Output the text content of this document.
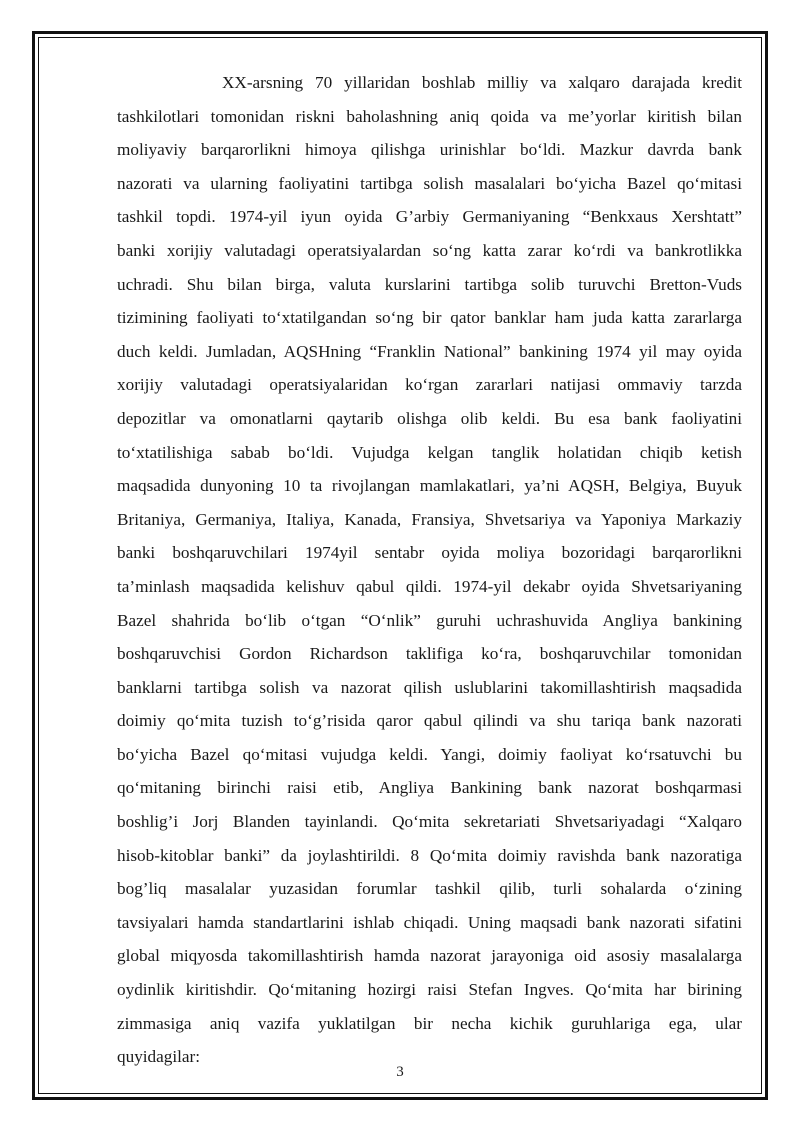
XX-arsning 70 yillaridan boshlab milliy va xalqaro darajada kredit
tashkilotlari tomonidan riskni baholashning aniq qoida va me’yorlar kiritish bilan
moliyaviy barqarorlikni himoya qilishga urinishlar bo‘ldi. Mazkur davrda bank
nazorati va ularning faoliyatini tartibga solish masalalari bo‘yicha Bazel qo‘mitasi
tashkil topdi. 1974-yil iyun oyida G’arbiy Germaniyaning “Benkxaus Xershtatt”
banki xorijiy valutadagi operatsiyalardan so‘ng katta zarar ko‘rdi va bankrotlikka
uchradi. Shu bilan birga, valuta kurslarini tartibga solib turuvchi Bretton-Vuds
tizimining faoliyati to‘xtatilgandan so‘ng bir qator banklar ham juda katta zararlarga
duch keldi. Jumladan, AQSHning “Franklin National” bankining 1974 yil may oyida
xorijiy valutadagi operatsiyalaridan ko‘rgan zararlari natijasi ommaviy tarzda
depozitlar va omonatlarni qaytarib olishga olib keldi. Bu esa bank faoliyatini
to‘xtatilishiga sabab bo‘ldi. Vujudga kelgan tanglik holatidan chiqib ketish
maqsadida dunyoning 10 ta rivojlangan mamlakatlari, ya’ni AQSH, Belgiya, Buyuk
Britaniya, Germaniya, Italiya, Kanada, Fransiya, Shvetsariya va Yaponiya Markaziy
banki boshqaruvchilari 1974yil sentabr oyida moliya bozoridagi barqarorlikni
ta’minlash maqsadida kelishuv qabul qildi. 1974-yil dekabr oyida Shvetsariyaning
Bazel shahrida bo‘lib o‘tgan “O‘nlik” guruhi uchrashuvida Angliya bankining
boshqaruvchisi Gordon Richardson taklifiga ko‘ra, boshqaruvchilar tomonidan
banklarni tartibga solish va nazorat qilish uslublarini takomillashtirish maqsadida
doimiy qo‘mita tuzish to‘g’risida qaror qabul qilindi va shu tariqa bank nazorati
bo‘yicha Bazel qo‘mitasi vujudga keldi. Yangi, doimiy faoliyat ko‘rsatuvchi bu
qo‘mitaning birinchi raisi etib, Angliya Bankining bank nazorat boshqarmasi
boshlig’i Jorj Blanden tayinlandi. Qo‘mita sekretariati Shvetsariyadagi “Xalqaro
hisob-kitoblar banki” da joylashtirildi. 8 Qo‘mita doimiy ravishda bank nazoratiga
bog’liq masalalar yuzasidan forumlar tashkil qilib, turli sohalarda o‘zining
tavsiyalari hamda standartlarini ishlab chiqadi. Uning maqsadi bank nazorati sifatini
global miqyosda takomillashtirish hamda nazorat jarayoniga oid asosiy masalalarga
oydinlik kiritishdir. Qo‘mitaning hozirgi raisi Stefan Ingves. Qo‘mita har birining
zimmasiga aniq vazifa yuklatilgan bir necha kichik guruhlariga ega, ular
quyidagilar:
3
